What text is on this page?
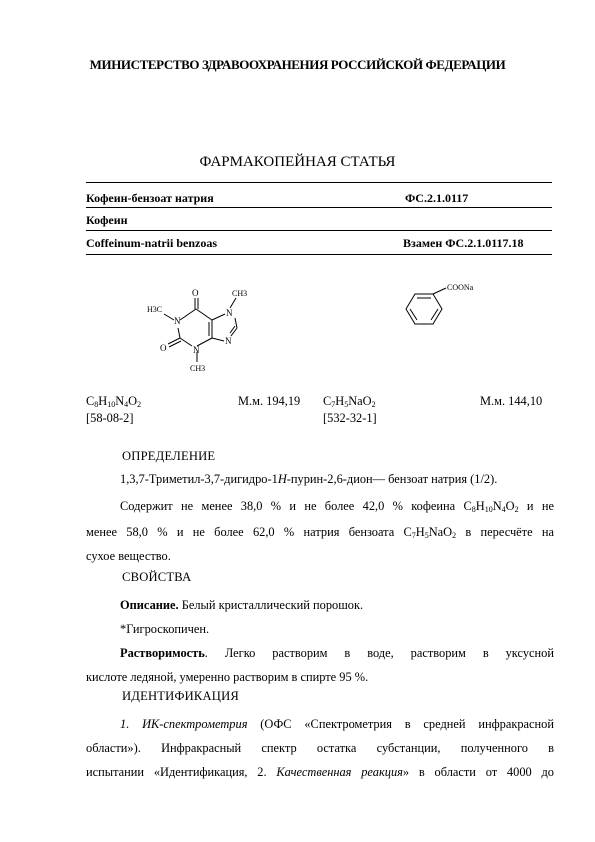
МИНИСТЕРСТВО ЗДРАВООХРАНЕНИЯ РОССИЙСКОЙ ФЕДЕРАЦИИ
ФАРМАКОПЕЙНАЯ СТАТЬЯ
Кофеин-бензоат натрия	ФС.2.1.0117
Кофеин
Coffeinum-natrii benzoas	Взамен ФС.2.1.0117.18
O
O
N
N
N
N
CH3
H3C
CH3
COONa
$C_8H_{10}N_4O_2$	М.м. 194,19
[58-08-2]
$C_7H_5NaO_2$	М.м. 144,10
[532-32-1]
ОПРЕДЕЛЕНИЕ
1,3,7-Триметил-3,7-дигидро-1H-пурин-2,6-дион— бензоат натрия (1/2).
Содержит не менее 38,0 % и не более 42,0 % кофеина $C_8H_{10}N_4O_2$ и не
менее 58,0 % и не более 62,0 % натрия бензоата $C_7H_5NaO_2$ в пересчёте на
сухое вещество.
СВОЙСТВА
Описание. Белый кристаллический порошок.
*Гигроскопичен.
Растворимость. Легко растворим в воде, растворим в уксусной
кислоте ледяной, умеренно растворим в спирте 95 %.
ИДЕНТИФИКАЦИЯ
1. ИК-спектрометрия (ОФС «Спектрометрия в средней инфракрасной
области»). Инфракрасный спектр остатка субстанции, полученного в
испытании «Идентификация, 2. Качественная реакция» в области от 4000 до
